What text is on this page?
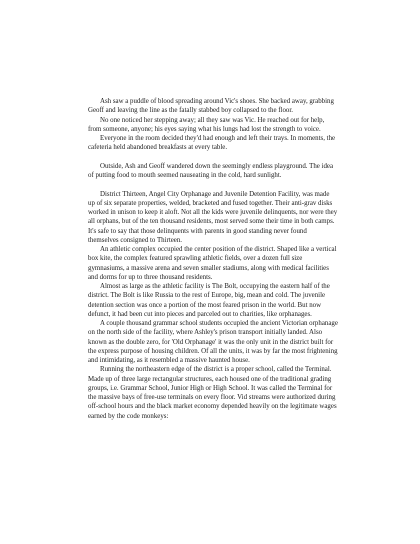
Ash saw a puddle of blood spreading around Vic's shoes. She backed away, grabbing Geoff and leaving the line as the fatally stabbed boy collapsed to the floor.

No one noticed her stepping away; all they saw was Vic. He reached out for help, from someone, anyone; his eyes saying what his lungs had lost the strength to voice.

Everyone in the room decided they'd had enough and left their trays. In moments, the cafeteria held abandoned breakfasts at every table.

Outside, Ash and Geoff wandered down the seemingly endless playground. The idea of putting food to mouth seemed nauseating in the cold, hard sunlight.

District Thirteen, Angel City Orphanage and Juvenile Detention Facility, was made up of six separate properties, welded, bracketed and fused together. Their anti-grav disks worked in unison to keep it aloft. Not all the kids were juvenile delinquents, nor were they all orphans, but of the ten thousand residents, most served some their time in both camps. It's safe to say that those delinquents with parents in good standing never found themselves consigned to Thirteen.

An athletic complex occupied the center position of the district. Shaped like a vertical box kite, the complex featured sprawling athletic fields, over a dozen full size gymnasiums, a massive arena and seven smaller stadiums, along with medical facilities and dorms for up to three thousand residents.

Almost as large as the athletic facility is The Bolt, occupying the eastern half of the district. The Bolt is like Russia to the rest of Europe, big, mean and cold. The juvenile detention section was once a portion of the most feared prison in the world. But now defunct, it had been cut into pieces and parceled out to charities, like orphanages.

A couple thousand grammar school students occupied the ancient Victorian orphanage on the north side of the facility, where Ashley's prison transport initially landed. Also known as the double zero, for 'Old Orphanage' it was the only unit in the district built for the express purpose of housing children. Of all the units, it was by far the most frightening and intimidating, as it resembled a massive haunted house.

Running the northeastern edge of the district is a proper school, called the Terminal. Made up of three large rectangular structures, each housed one of the traditional grading groups, i.e. Grammar School, Junior High or High School. It was called the Terminal for the massive bays of free-use terminals on every floor. Vid streams were authorized during off-school hours and the black market economy depended heavily on the legitimate wages earned by the code monkeys:
